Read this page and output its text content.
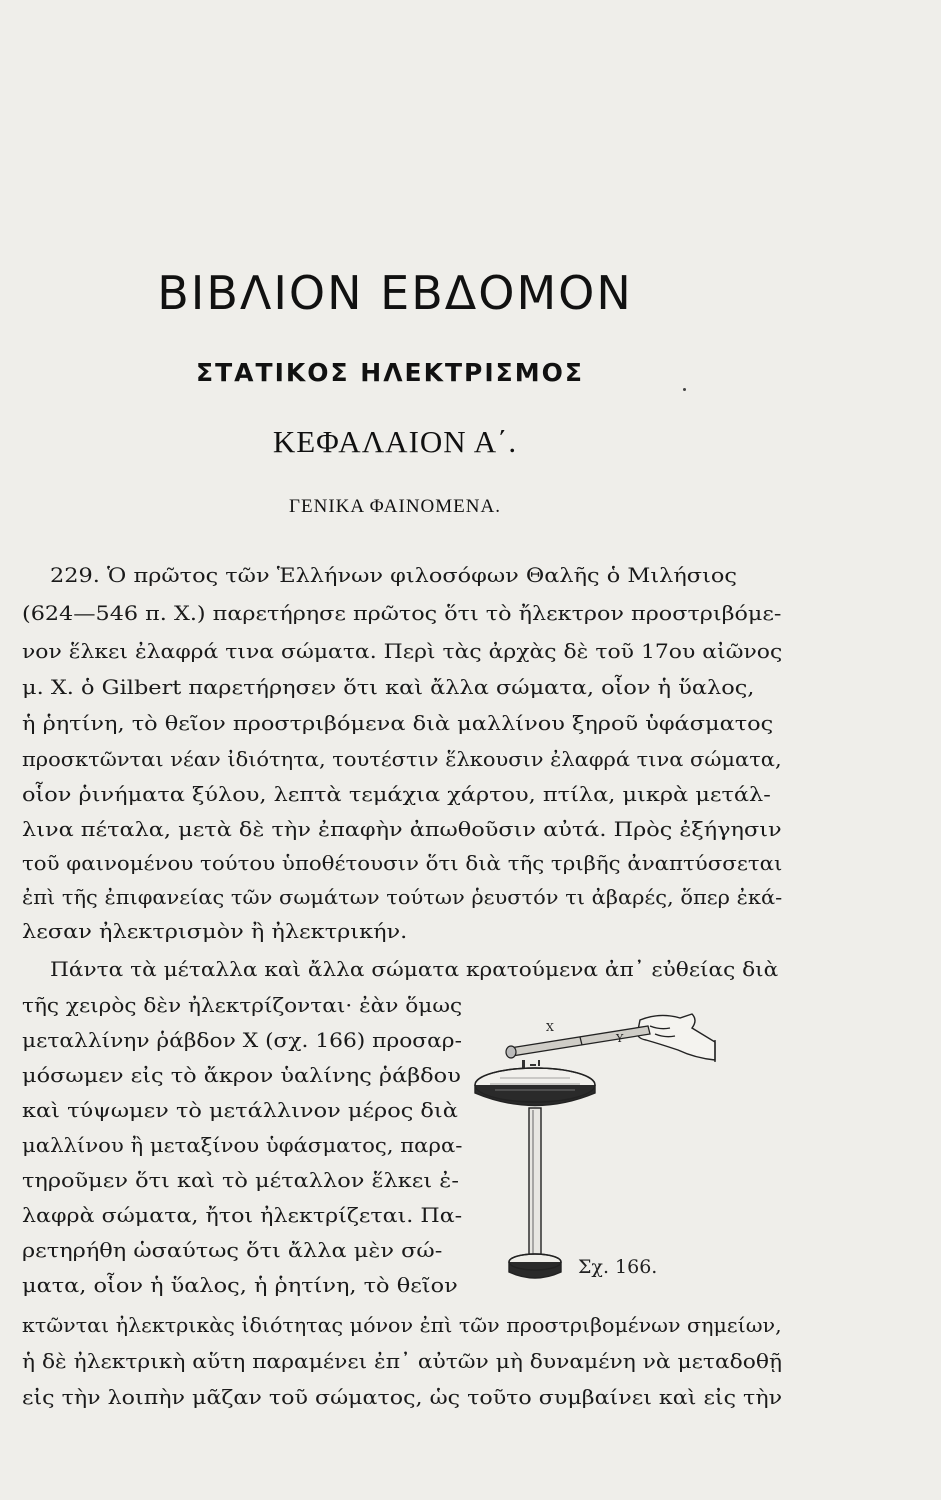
ΒΙΒΛΙΟΝ ΕΒΔΟΜΟΝ
ΣΤΑΤΙΚΟΣ ΗΛΕΚΤΡΙΣΜΟΣ
ΚΕΦΑΛΑΙΟΝ Α΄.
ΓΕΝΙΚΑ ΦΑΙΝΟΜΕΝΑ.
229. Ὁ πρῶτος τῶν Ἑλλήνων φιλοσόφων Θαλῆς ὁ Μιλήσιος
(624—546 π. Χ.) παρετήρησε πρῶτος ὅτι τὸ ἤλεκτρον προστριβόμε-
νον ἕλκει ἐλαφρά τινα σώματα. Περὶ τὰς ἀρχὰς δὲ τοῦ 17ου αἰῶνος
μ. Χ. ὁ Gilbert παρετήρησεν ὅτι καὶ ἄλλα σώματα, οἷον ἡ ὕαλος,
ἡ ῥητίνη, τὸ θεῖον προστριβόμενα διὰ μαλλίνου ξηροῦ ὑφάσματος
προσκτῶνται νέαν ἰδιότητα, τουτέστιν ἕλκουσιν ἐλαφρά τινα σώματα,
οἷον ῥινήματα ξύλου, λεπτὰ τεμάχια χάρτου, πτίλα, μικρὰ μετάλ-
λινα πέταλα, μετὰ δὲ τὴν ἐπαφὴν ἀπωθοῦσιν αὐτά. Πρὸς ἐξήγησιν
τοῦ φαινομένου τούτου ὑποθέτουσιν ὅτι διὰ τῆς τριβῆς ἀναπτύσσεται
ἐπὶ τῆς ἐπιφανείας τῶν σωμάτων τούτων ῥευστόν τι ἀβαρές, ὅπερ ἐκά-
λεσαν ἠλεκτρισμὸν ἢ ἠλεκτρικήν.
Πάντα τὰ μέταλλα καὶ ἄλλα σώματα κρατούμενα ἀπ᾽ εὐθείας διὰ
τῆς χειρὸς δὲν ἠλεκτρίζονται· ἐὰν ὅμως
μεταλλίνην ῥάβδον Χ (σχ. 166) προσαρ-
μόσωμεν εἰς τὸ ἄκρον ὑαλίνης ῥάβδου
καὶ τύψωμεν τὸ μετάλλινον μέρος διὰ
μαλλίνου ἢ μεταξίνου ὑφάσματος, παρα-
τηροῦμεν ὅτι καὶ τὸ μέταλλον ἕλκει ἐ-
λαφρὰ σώματα, ἤτοι ἠλεκτρίζεται. Πα-
ρετηρήθη ὡσαύτως ὅτι ἄλλα μὲν σώ-
ματα, οἷον ἡ ὕαλος, ἡ ῥητίνη, τὸ θεῖον
κτῶνται ἠλεκτρικὰς ἰδιότητας μόνον ἐπὶ τῶν προστριβομένων σημείων,
ἡ δὲ ἠλεκτρικὴ αὕτη παραμένει ἐπ᾽ αὐτῶν μὴ δυναμένη νὰ μεταδοθῇ
εἰς τὴν λοιπὴν μᾶζαν τοῦ σώματος, ὡς τοῦτο συμβαίνει καὶ εἰς τὴν
X
Y
Σχ. 166.
